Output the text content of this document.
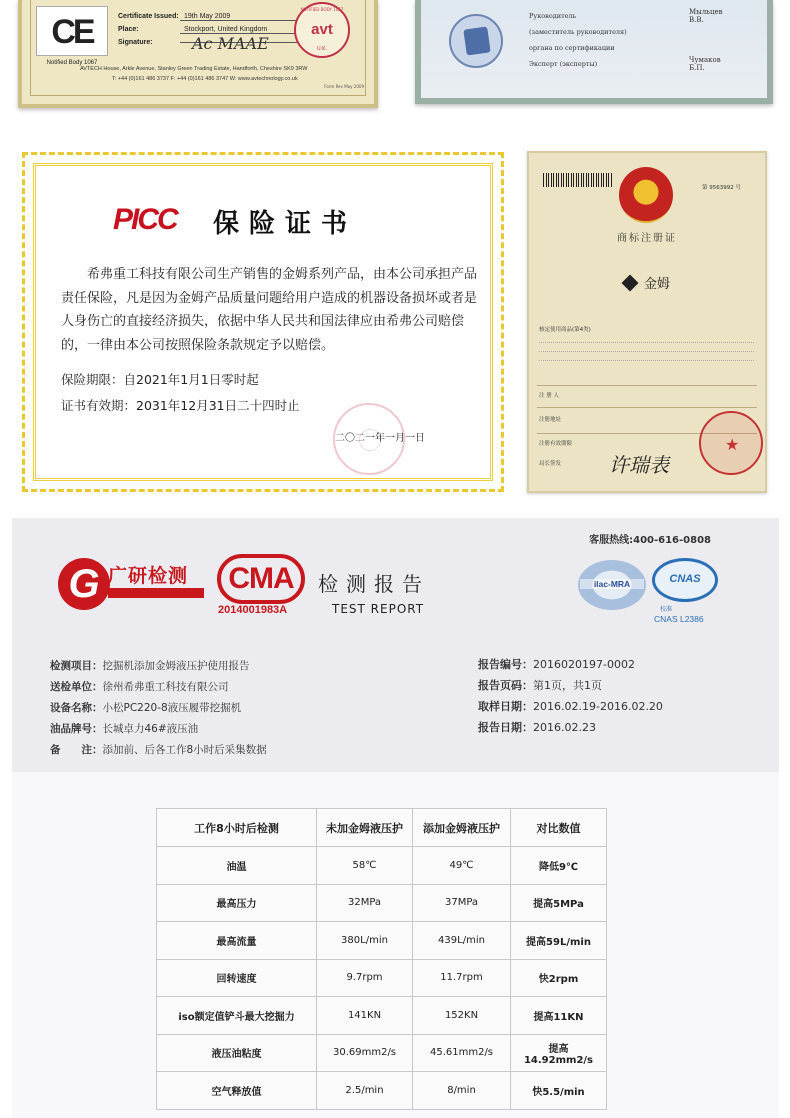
CE
Notified Body 1067
Certificate Issued: 19th May 2009
Place:	Stockport, United Kingdom
Signature:	Ac MAAE
NOTIFIED BODY 1067
avt
U.K.
AVTECH House, Arkle Avenue, Stanley Green Trading Estate, Handforth, Cheshire SK9 3RW
T: +44 (0)161 486 3737 F: +44 (0)161 486 3747 W: www.avtechnology.co.uk
Form Rev May 2009
Руководитель	Мыльцев В.В.
(заместитель руководителя)
органа по сертификации
Эксперт (эксперты)	Чумаков Б.П.
PICC 保险证书
希弗重工科技有限公司生产销售的金姆系列产品，由本公司承担产品责任保险，凡是因为金姆产品质量问题给用户造成的机器设备损坏或者是人身伤亡的直接经济损失，依据中华人民共和国法律应由希弗公司赔偿的，一律由本公司按照保险条款规定予以赔偿。
保险期限：自2021年1月1日零时起
证书有效期：2031年12月31日二十四时止
二〇二一年一月一日
第 9563992 号
商标注册证
金姆
核定使用商品(第4类)
注 册 人
注册地址
注册有效期限
局长签发 许瑞表
★
客服热线:400-616-0808
G 广研检测	CMA
2014001983A
检测报告
TEST REPORT
ilac-MRA	CNAS
校准
CNAS L2386
检测项目： 挖掘机添加金姆液压护使用报告
送检单位： 徐州希弗重工科技有限公司
设备名称： 小松PC220-8液压履带挖掘机
油品牌号： 长城卓力46#液压油
备　　注： 添加前、后各工作8小时后采集数据
报告编号： 2016020197-0002
报告页码： 第1页，共1页
取样日期： 2016.02.19-2016.02.20
报告日期： 2016.02.23
工作8小时后检测	未加金姆液压护	添加金姆液压护	对比数值
油温	58℃	49℃	降低9℃
最高压力	32MPa	37MPa	提高5MPa
最高流量	380L/min	439L/min	提高59L/min
回转速度	9.7rpm	11.7rpm	快2rpm
iso额定值铲斗最大挖掘力	141KN	152KN	提高11KN
液压油粘度	30.69mm2/s	45.61mm2/s	提高14.92mm2/s
空气释放值	2.5/min	8/min	快5.5/min
